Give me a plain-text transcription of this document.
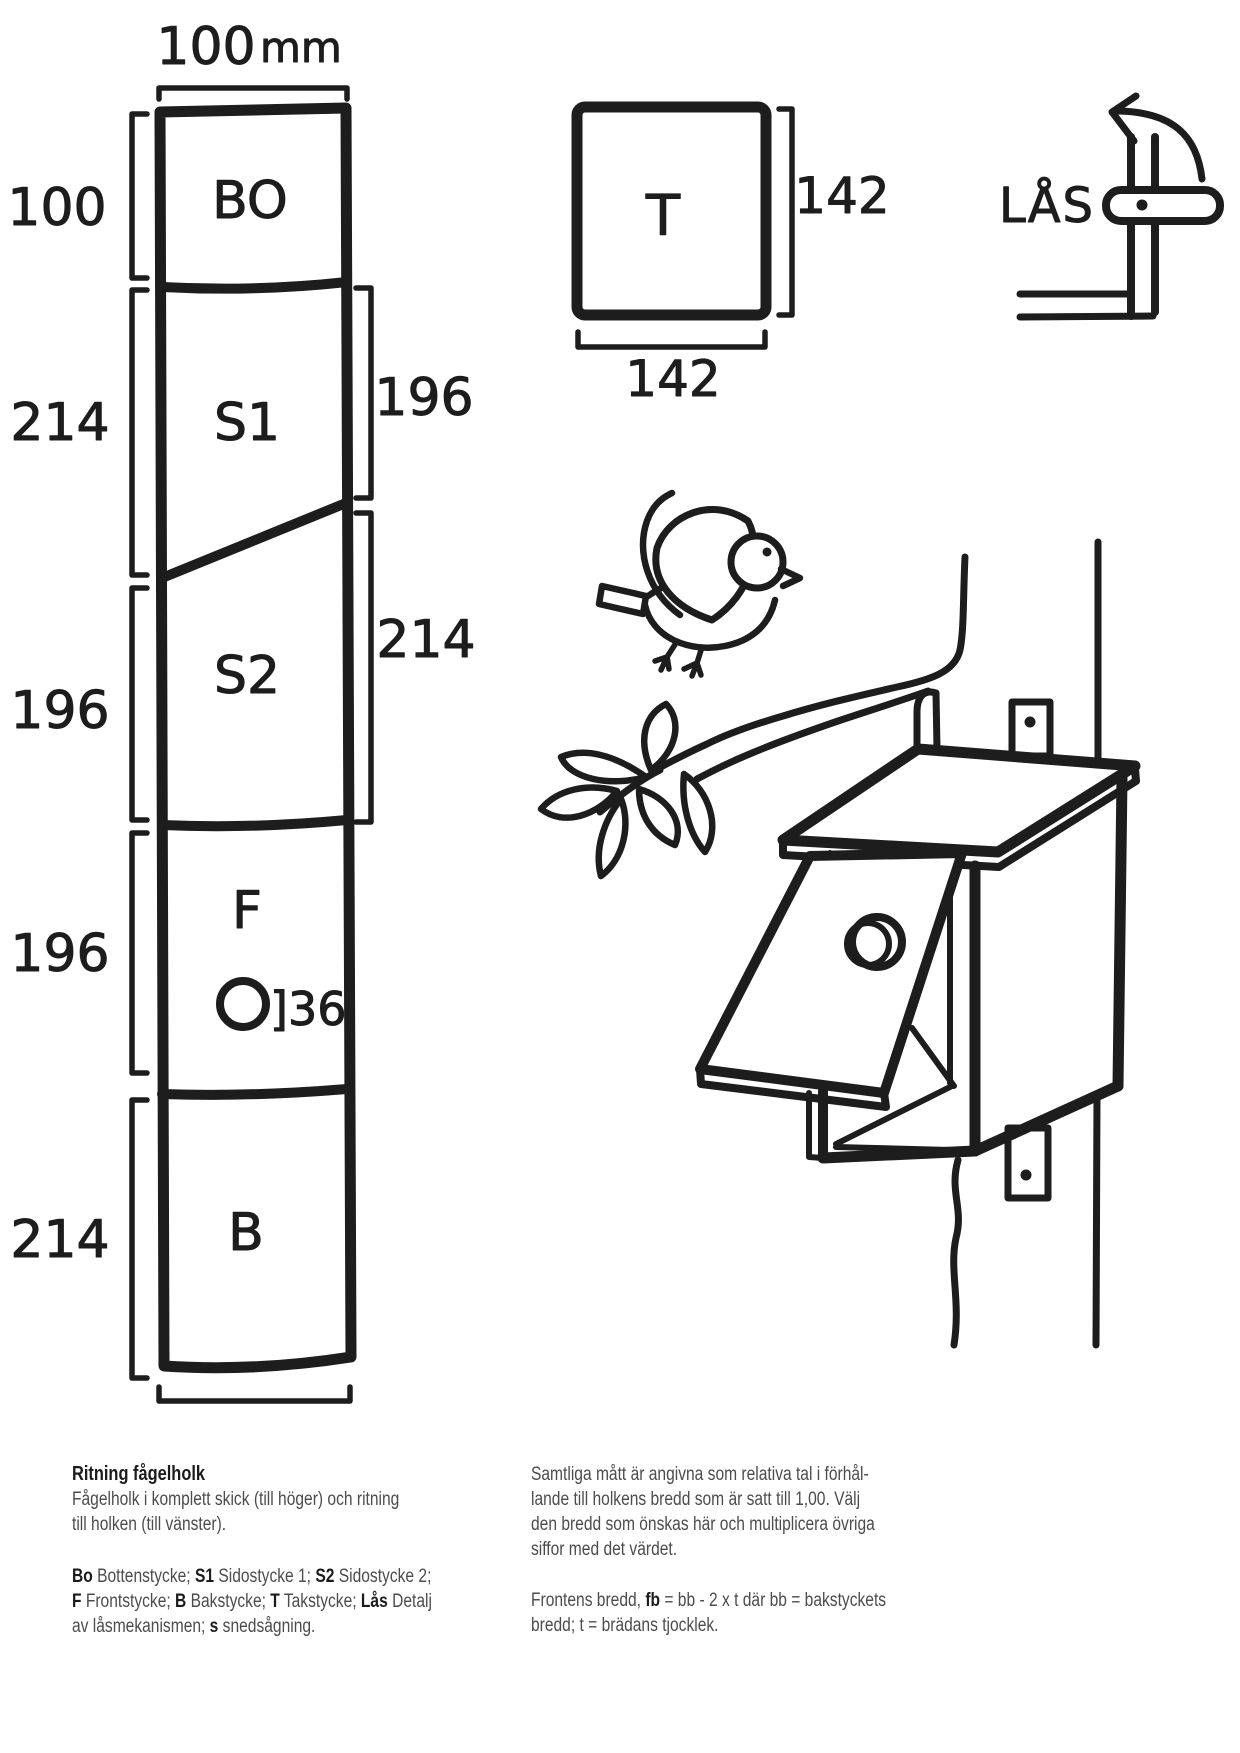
BO
S1
S2
F
B
]36
100 mm
100
214
196
196
214
196
214
T 142
142
LÅS
Ritning fågelholk
Fågelholk i komplett skick (till höger) och ritning
till holken (till vänster).
Bo Bottenstycke; S1 Sidostycke 1; S2 Sidostycke 2;
F Frontstycke; B Bakstycke; T Takstycke; Lås Detalj
av låsmekanismen; s snedsågning.
Samtliga mått är angivna som relativa tal i förhål-
lande till holkens bredd som är satt till 1,00. Välj
den bredd som önskas här och multiplicera övriga
siffor med det värdet.
Frontens bredd, fb = bb - 2 x t där bb = bakstyckets
bredd; t = brädans tjocklek.
